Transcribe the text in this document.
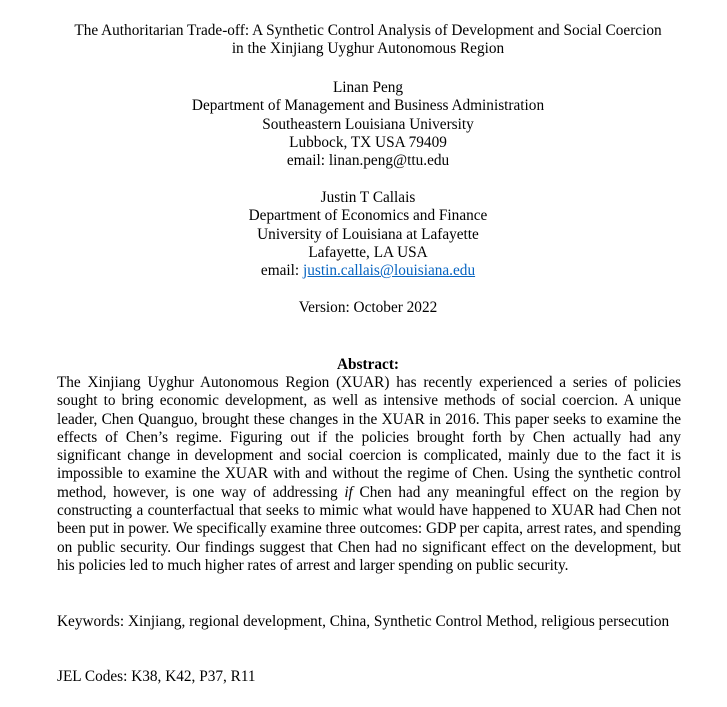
The Authoritarian Trade-off: A Synthetic Control Analysis of Development and Social Coercion
in the Xinjiang Uyghur Autonomous Region
Linan Peng
Department of Management and Business Administration
Southeastern Louisiana University
Lubbock, TX USA 79409
email: linan.peng@ttu.edu
Justin T Callais
Department of Economics and Finance
University of Louisiana at Lafayette
Lafayette, LA USA
email: justin.callais@louisiana.edu
Version: October 2022
Abstract:
The Xinjiang Uyghur Autonomous Region (XUAR) has recently experienced a series of policies sought to bring economic development, as well as intensive methods of social coercion. A unique leader, Chen Quanguo, brought these changes in the XUAR in 2016. This paper seeks to examine the effects of Chen’s regime. Figuring out if the policies brought forth by Chen actually had any significant change in development and social coercion is complicated, mainly due to the fact it is impossible to examine the XUAR with and without the regime of Chen. Using the synthetic control method, however, is one way of addressing if Chen had any meaningful effect on the region by constructing a counterfactual that seeks to mimic what would have happened to XUAR had Chen not been put in power. We specifically examine three outcomes: GDP per capita, arrest rates, and spending on public security. Our findings suggest that Chen had no significant effect on the development, but his policies led to much higher rates of arrest and larger spending on public security.
Keywords: Xinjiang, regional development, China, Synthetic Control Method, religious persecution
JEL Codes: K38, K42, P37, R11
